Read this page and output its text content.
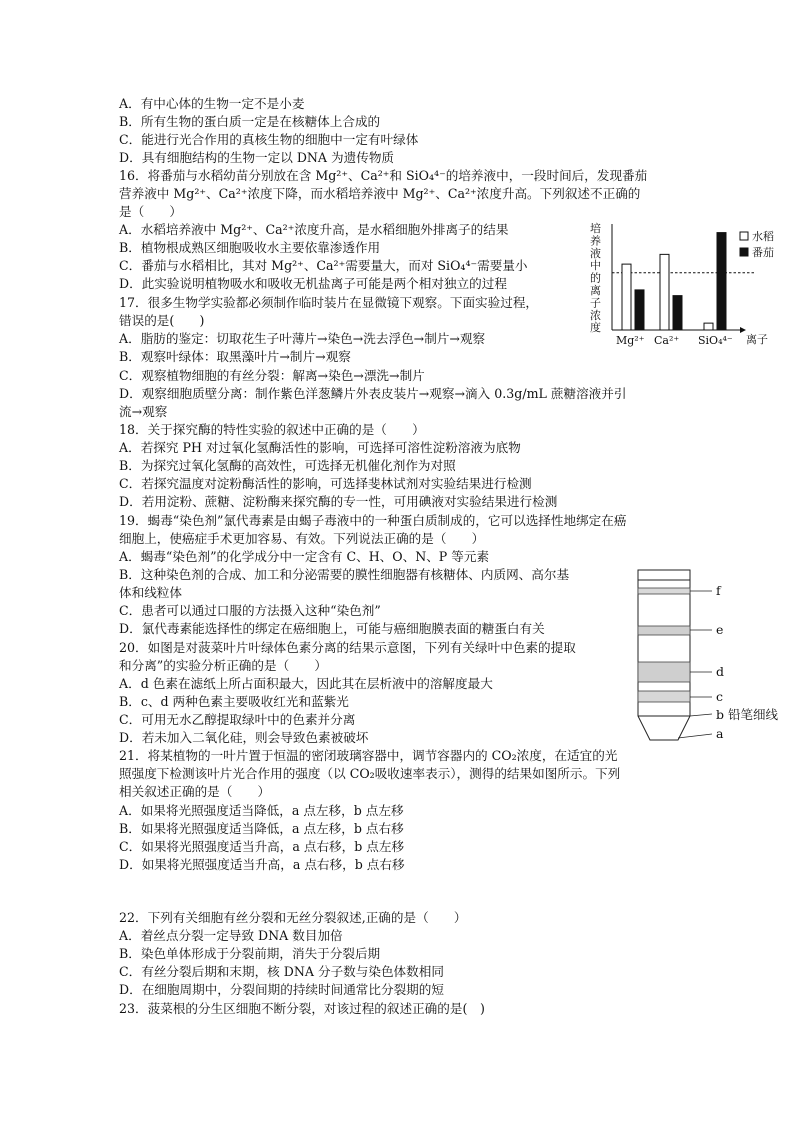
A．有中心体的生物一定不是小麦
B．所有生物的蛋白质一定是在核糖体上合成的
C．能进行光合作用的真核生物的细胞中一定有叶绿体
D．具有细胞结构的生物一定以 DNA 为遗传物质
16．将番茄与水稻幼苗分别放在含 Mg²⁺、Ca²⁺和 SiO₄⁴⁻的培养液中，一段时间后，发现番茄
营养液中 Mg²⁺、Ca²⁺浓度下降，而水稻培养液中 Mg²⁺、Ca²⁺浓度升高。下列叙述不正确的
是（　　）
A．水稻培养液中 Mg²⁺、Ca²⁺浓度升高，是水稻细胞外排离子的结果
B．植物根成熟区细胞吸收水主要依靠渗透作用
C．番茄与水稻相比，其对 Mg²⁺、Ca²⁺需要量大，而对 SiO₄⁴⁻需要量小
D．此实验说明植物吸水和吸收无机盐离子可能是两个相对独立的过程
17．很多生物学实验都必须制作临时装片在显微镜下观察。下面实验过程，
错误的是(　　)
A．脂肪的鉴定：切取花生子叶薄片→染色→洗去浮色→制片→观察
B．观察叶绿体：取黑藻叶片→制片→观察
C．观察植物细胞的有丝分裂：解离→染色→漂洗→制片
D．观察细胞质壁分离：制作紫色洋葱鳞片外表皮装片→观察→滴入 0.3g/mL 蔗糖溶液并引
流→观察
18．关于探究酶的特性实验的叙述中正确的是（　　）
A．若探究 PH 对过氧化氢酶活性的影响，可选择可溶性淀粉溶液为底物
B．为探究过氧化氢酶的高效性，可选择无机催化剂作为对照
C．若探究温度对淀粉酶活性的影响，可选择斐林试剂对实验结果进行检测
D．若用淀粉、蔗糖、淀粉酶来探究酶的专一性，可用碘液对实验结果进行检测
19．蝎毒“染色剂”氯代毒素是由蝎子毒液中的一种蛋白质制成的，它可以选择性地绑定在癌
细胞上，使癌症手术更加容易、有效。下列说法正确的是（　　）
A．蝎毒“染色剂”的化学成分中一定含有 C、H、O、N、P 等元素
B．这种染色剂的合成、加工和分泌需要的膜性细胞器有核糖体、内质网、高尔基
体和线粒体
C．患者可以通过口服的方法摄入这种“染色剂”
D．氯代毒素能选择性的绑定在癌细胞上，可能与癌细胞膜表面的糖蛋白有关
20．如图是对菠菜叶片叶绿体色素分离的结果示意图，下列有关绿叶中色素的提取
和分离”的实验分析正确的是（　　）
A．d 色素在滤纸上所占面积最大，因此其在层析液中的溶解度最大
B．c、d 两种色素主要吸收红光和蓝紫光
C．可用无水乙醇提取绿叶中的色素并分离
D．若未加入二氧化硅，则会导致色素被破坏
21．将某植物的一叶片置于恒温的密闭玻璃容器中，调节容器内的 CO₂浓度，在适宜的光
照强度下检测该叶片光合作用的强度（以 CO₂吸收速率表示），测得的结果如图所示。下列
相关叙述正确的是（　　）
A．如果将光照强度适当降低，a 点左移，b 点左移
B．如果将光照强度适当降低，a 点左移，b 点右移
C．如果将光照强度适当升高，a 点右移，b 点左移
D．如果将光照强度适当升高，a 点右移，b 点右移
22．下列有关细胞有丝分裂和无丝分裂叙述,正确的是（　　）
A．着丝点分裂一定导致 DNA 数目加倍
B．染色单体形成于分裂前期，消失于分裂后期
C．有丝分裂后期和末期，核 DNA 分子数与染色体数相同
D．在细胞周期中，分裂间期的持续时间通常比分裂期的短
23．菠菜根的分生区细胞不断分裂，对该过程的叙述正确的是(　)
培
养
液
中
的
离
子
浓
度
Mg²⁺ Ca²⁺ SiO₄⁴⁻ 离子
水稻
番茄
f
e
d
c
b 铅笔细线
a
